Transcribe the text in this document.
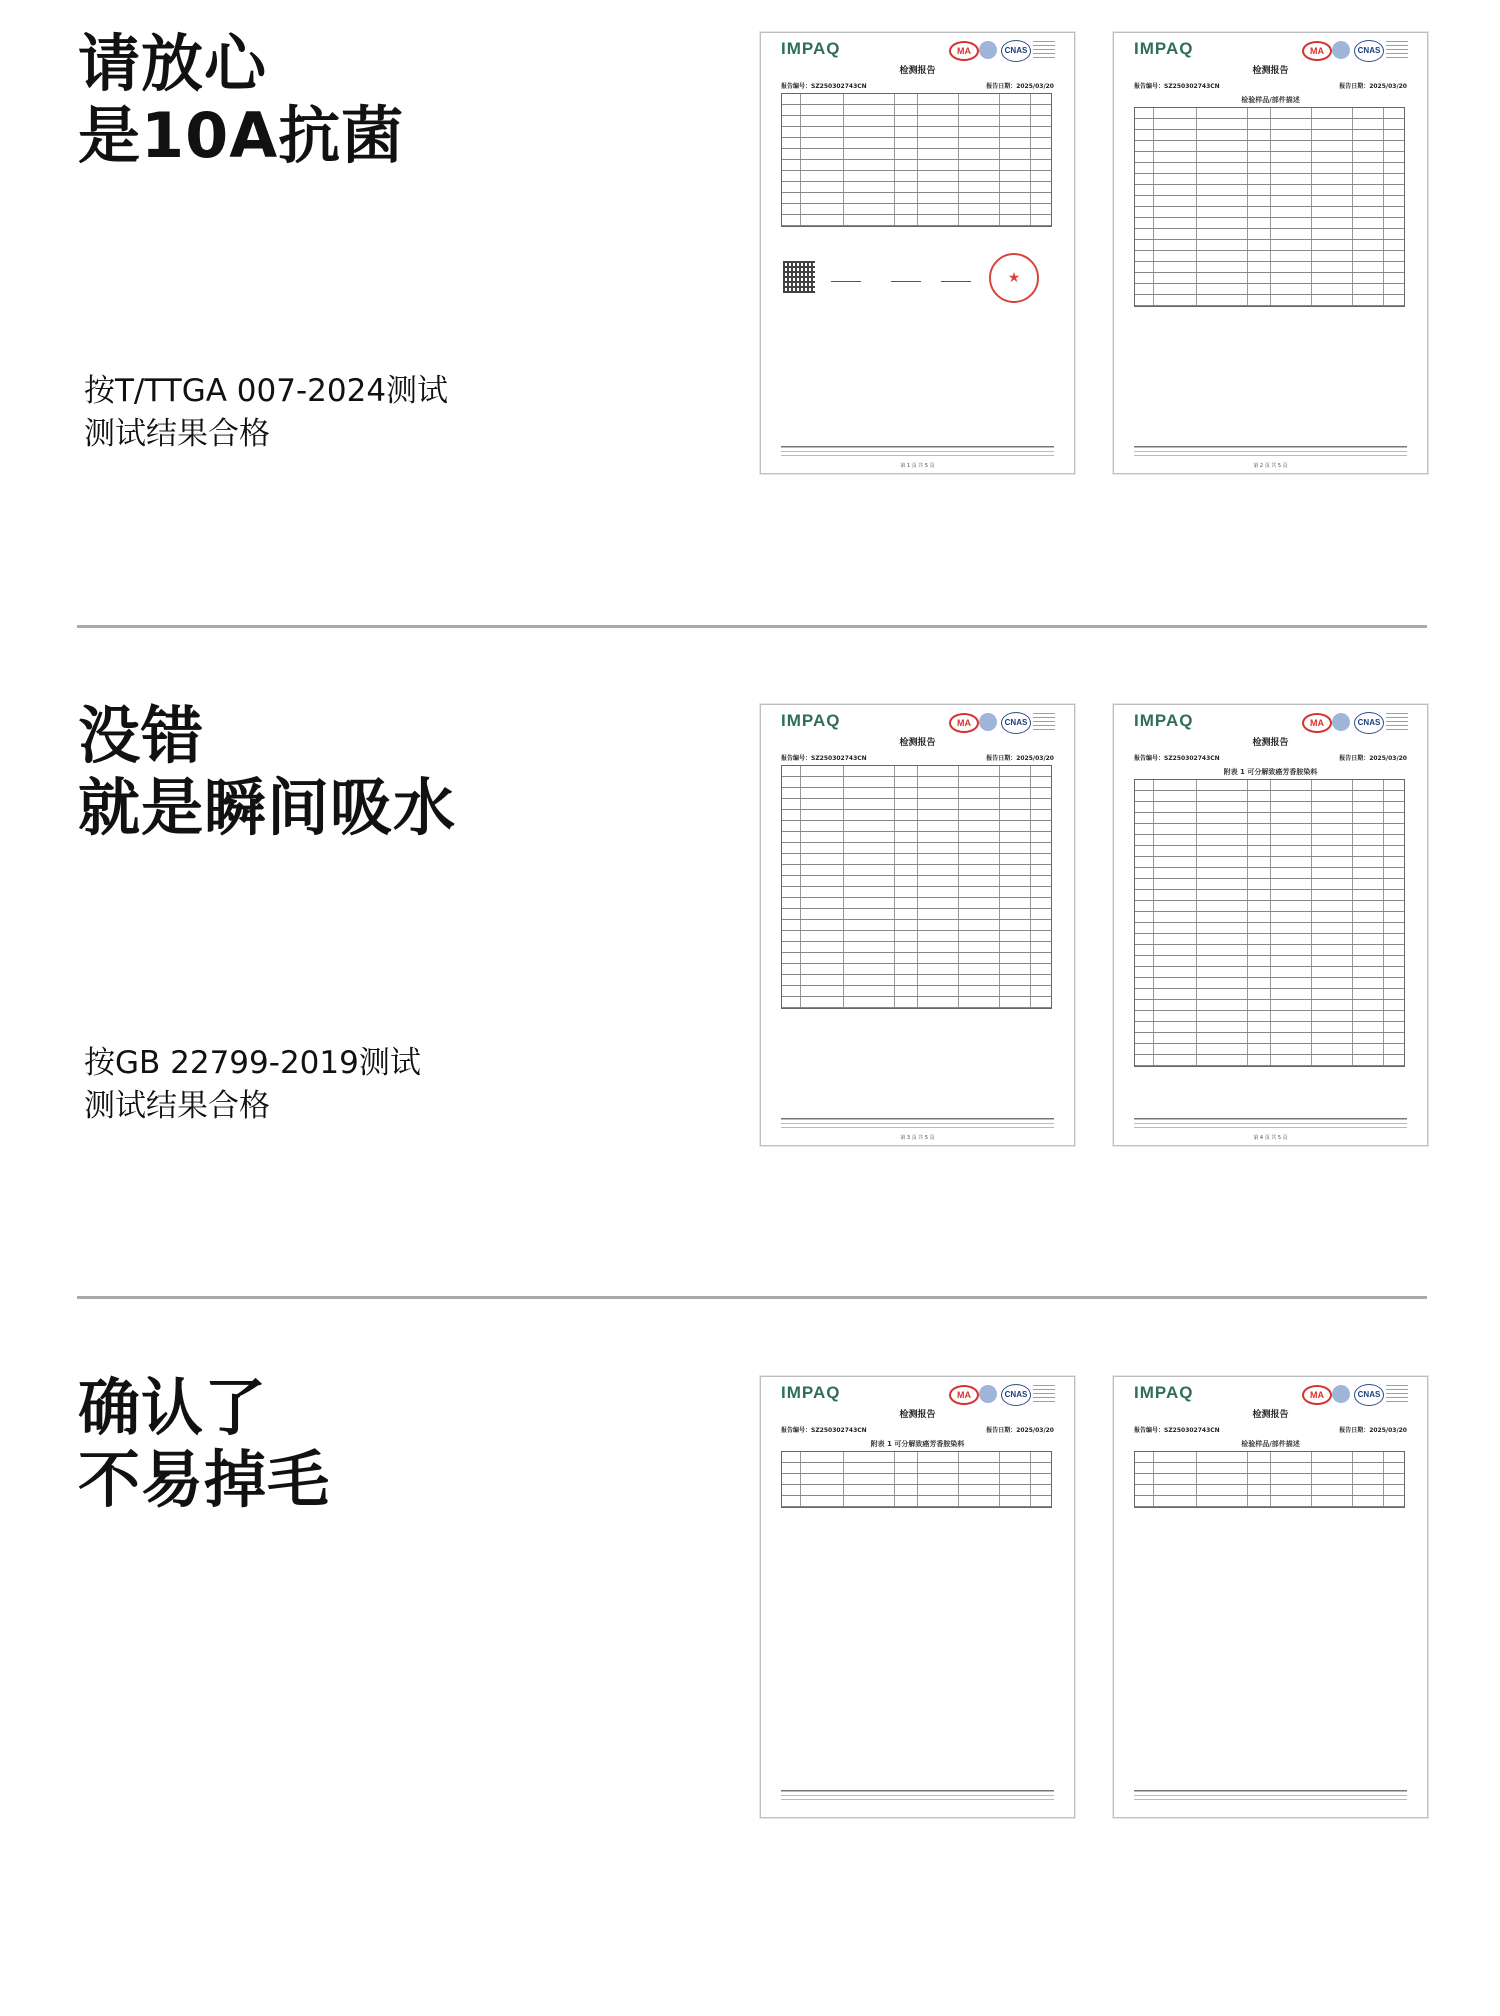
请放心
是10A抗菌
按T/TTGA 007-2024测试
测试结果合格
IMPAQ	MA	CNAS
检测报告
报告编号：SZ250302743CN	报告日期：2025/03/20
★
第 1 页 共 5 页
IMPAQ	MA	CNAS
检测报告
报告编号：SZ250302743CN	报告日期：2025/03/20
检验样品/部件描述
第 2 页 共 5 页
没错
就是瞬间吸水
按GB 22799-2019测试
测试结果合格
IMPAQ	MA	CNAS
检测报告
报告编号：SZ250302743CN	报告日期：2025/03/20
第 3 页 共 5 页
IMPAQ	MA	CNAS
检测报告
报告编号：SZ250302743CN	报告日期：2025/03/20
附表 1 可分解致癌芳香胺染料
第 4 页 共 5 页
确认了
不易掉毛
IMPAQ	MA	CNAS
检测报告
报告编号：SZ250302743CN	报告日期：2025/03/20
附表 1 可分解致癌芳香胺染料
IMPAQ	MA	CNAS
检测报告
报告编号：SZ250302743CN	报告日期：2025/03/20
检验样品/部件描述
